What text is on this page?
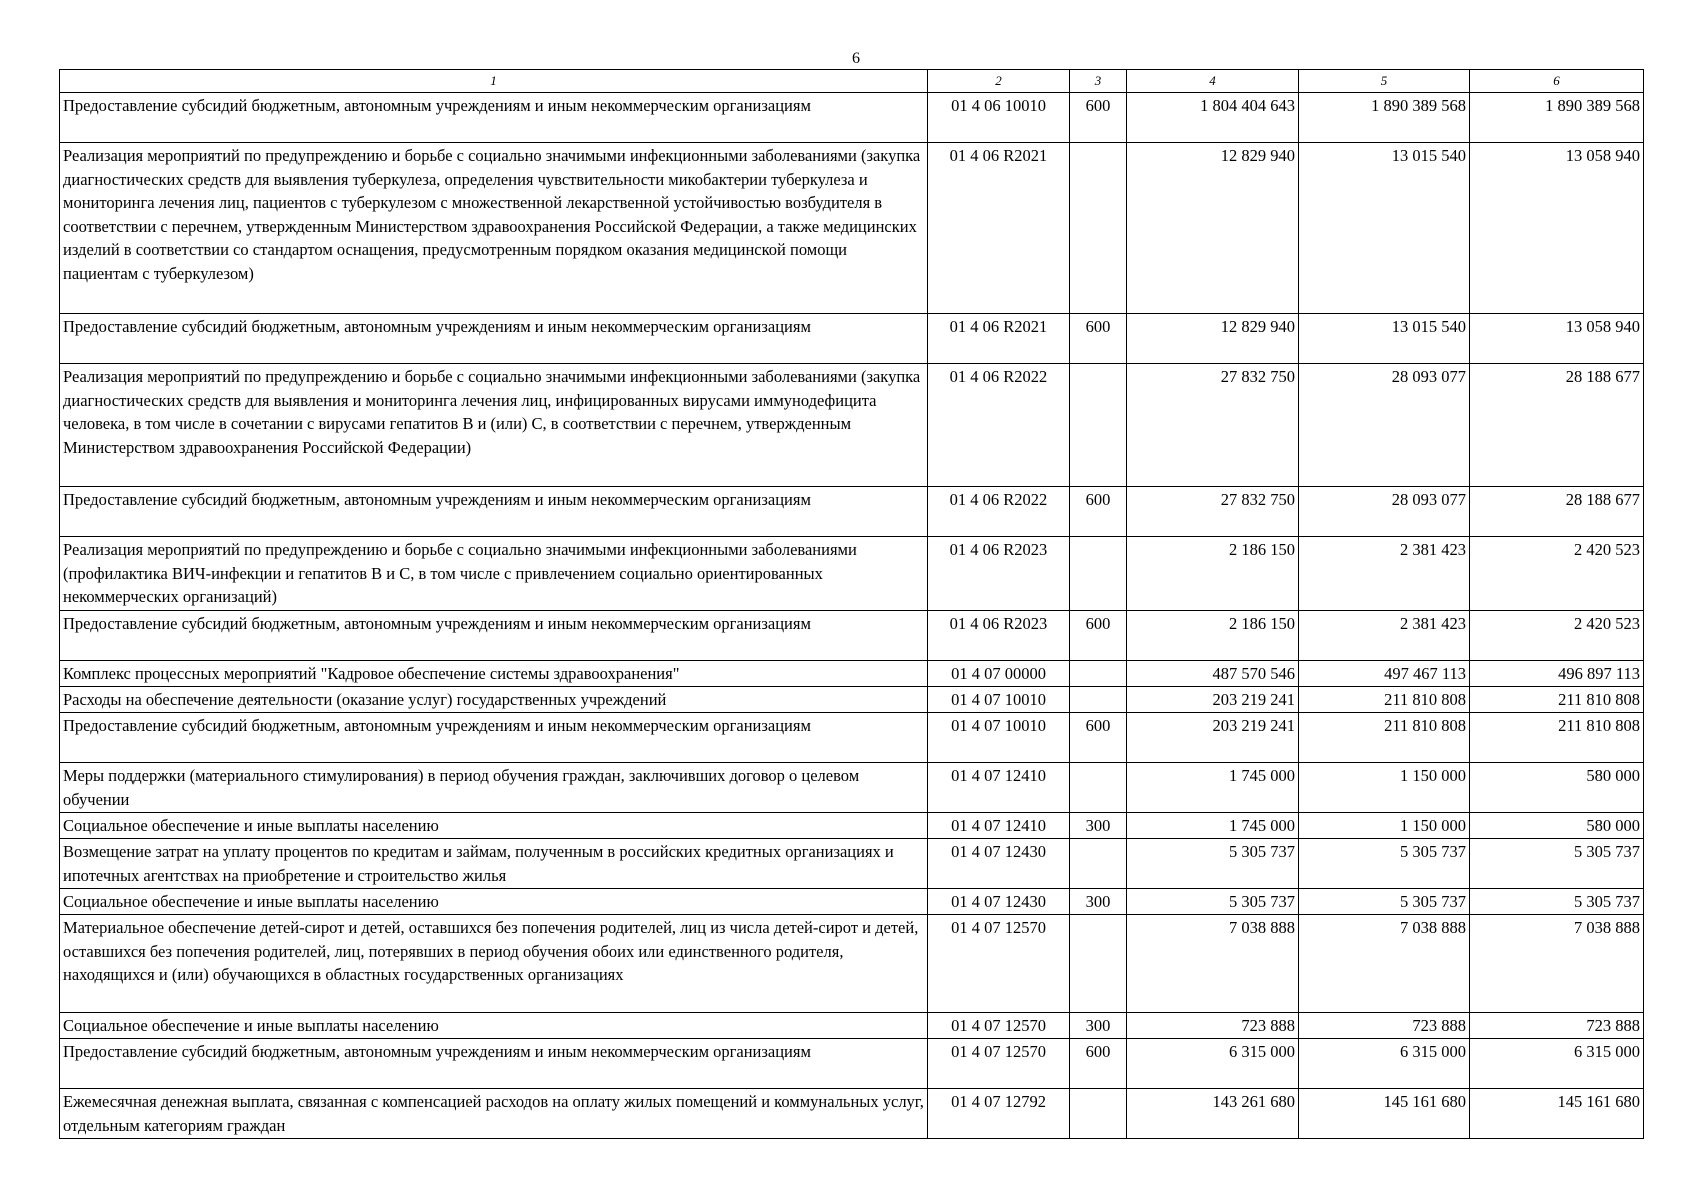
6
1	2	3	4	5	6
Предоставление субсидий бюджетным, автономным учреждениям и иным некоммерческим организациям	01 4 06 10010	600	1 804 404 643	1 890 389 568	1 890 389 568
Реализация мероприятий по предупреждению и борьбе с социально значимыми инфекционными заболеваниями (закупка диагностических средств для выявления туберкулеза, определения чувствительности микобактерии туберкулеза и мониторинга лечения лиц, пациентов с туберкулезом с множественной лекарственной устойчивостью возбудителя в соответствии с перечнем, утвержденным Министерством здравоохранения Российской Федерации, а также медицинских изделий в соответствии со стандартом оснащения, предусмотренным порядком оказания медицинской помощи пациентам с туберкулезом)	01 4 06 R2021		12 829 940	13 015 540	13 058 940
Предоставление субсидий бюджетным, автономным учреждениям и иным некоммерческим организациям	01 4 06 R2021	600	12 829 940	13 015 540	13 058 940
Реализация мероприятий по предупреждению и борьбе с социально значимыми инфекционными заболеваниями (закупка диагностических средств для выявления и мониторинга лечения лиц, инфицированных вирусами иммунодефицита человека, в том числе в сочетании с вирусами гепатитов В и (или) С, в соответствии с перечнем, утвержденным Министерством здравоохранения Российской Федерации)	01 4 06 R2022		27 832 750	28 093 077	28 188 677
Предоставление субсидий бюджетным, автономным учреждениям и иным некоммерческим организациям	01 4 06 R2022	600	27 832 750	28 093 077	28 188 677
Реализация мероприятий по предупреждению и борьбе с социально значимыми инфекционными заболеваниями (профилактика ВИЧ-инфекции и гепатитов В и С, в том числе с привлечением социально ориентированных некоммерческих организаций)	01 4 06 R2023		2 186 150	2 381 423	2 420 523
Предоставление субсидий бюджетным, автономным учреждениям и иным некоммерческим организациям	01 4 06 R2023	600	2 186 150	2 381 423	2 420 523
Комплекс процессных мероприятий "Кадровое обеспечение системы здравоохранения"	01 4 07 00000		487 570 546	497 467 113	496 897 113
Расходы на обеспечение деятельности (оказание услуг) государственных учреждений	01 4 07 10010		203 219 241	211 810 808	211 810 808
Предоставление субсидий бюджетным, автономным учреждениям и иным некоммерческим организациям	01 4 07 10010	600	203 219 241	211 810 808	211 810 808
Меры поддержки (материального стимулирования) в период обучения граждан, заключивших договор о целевом обучении	01 4 07 12410		1 745 000	1 150 000	580 000
Социальное обеспечение и иные выплаты населению	01 4 07 12410	300	1 745 000	1 150 000	580 000
Возмещение затрат на уплату процентов по кредитам и займам, полученным в российских кредитных организациях и ипотечных агентствах на приобретение и строительство жилья	01 4 07 12430		5 305 737	5 305 737	5 305 737
Социальное обеспечение и иные выплаты населению	01 4 07 12430	300	5 305 737	5 305 737	5 305 737
Материальное обеспечение детей-сирот и детей, оставшихся без попечения родителей, лиц из числа детей-сирот и детей, оставшихся без попечения родителей, лиц, потерявших в период обучения обоих или единственного родителя, находящихся и (или) обучающихся в областных государственных организациях	01 4 07 12570		7 038 888	7 038 888	7 038 888
Социальное обеспечение и иные выплаты населению	01 4 07 12570	300	723 888	723 888	723 888
Предоставление субсидий бюджетным, автономным учреждениям и иным некоммерческим организациям	01 4 07 12570	600	6 315 000	6 315 000	6 315 000
Ежемесячная денежная выплата, связанная с компенсацией расходов на оплату жилых помещений и коммунальных услуг, отдельным категориям граждан	01 4 07 12792		143 261 680	145 161 680	145 161 680
